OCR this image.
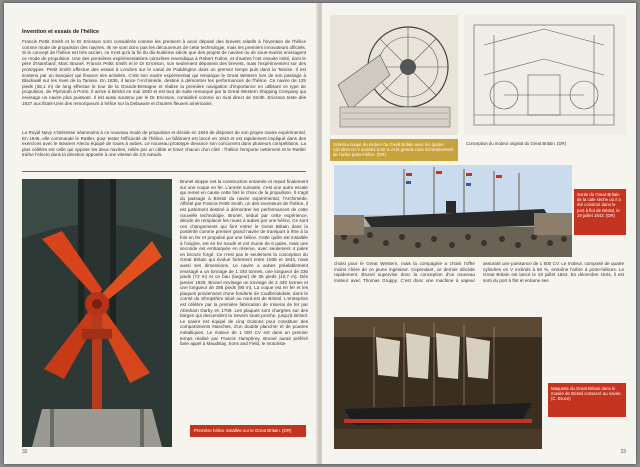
Invention et essais de l'hélice
Francis Pettit Smith et le Dr Ericsson sont considérés comme les premiers à avoir déposé des brevets relatifs à l'invention de l'hélice comme mode de propulsion des navires. Ils ne sont donc pas les découvreurs de cette technologie, mais les premiers innovateurs officiels. Si le concept de l'hélice est très ancien, ce n'est qu'à la fin du dix-huitième siècle que des projets de navires ou de sous-marins envisagent ce mode de propulsion. Une des premières expérimentations concrètes revendiqua à Robert Fulton, et d'autres l'ont ensuite imité, dont le père d'Isambard, Marc Brunel. Francis Pettit Smith et le Dr Ericsson, non seulement déposent des brevets, mais l'expérimentent sur des prototypes. Pettit Smith effectue des essais à Londres sur le canal de Paddington dans un premier temps puis dans la Tamise. Il est soutenu par un banquier qui finance ses activités. C'est son navire expérimental qui remarque le Great Western lors de son passage à Blackwall sur les rives de la Tamise. En 1836, il lance l'Archimède, destiné à démontrer les performances de l'hélice. Ce navire de 125 pieds (38,1 m) de long effectue le tour de la Grande-Bretagne et réalise la première navigation d'importance en utilisant ce type de propulsion, de Plymouth à Porto. Il arrive à Bristol en mai 1840 et est tout de suite remarqué par la Great Western Shipping Company qui envisage un navire plus puissant. Il est aussi soutenu par le Dr Ericsson, considéré comme un rival direct de Smith. Ericsson teste dès 1837 aux États-Unis des remorqueurs à hélice sur la Delaware et d'autres fleuves américains.
La Royal Navy s'intéresse néanmoins à ce nouveau mode de propulsion et décide en 1840 de disposer de son propre navire expérimental. En 1845, elle commande le Rattler, pour tester l'efficacité de l'hélice. Le bâtiment est lancé en 1843 et est rapidement impliqué dans des exercices avec le steamer Alecto équipé de roues à aubes. Le nouveau prototype devance son concurrent dans plusieurs compétitions. La plus célèbre est celle qui oppose les deux navires, reliés par un câble et tirant chacun d'un côté : l'hélice l'emporte nettement et le Rattler traîne l'Alecto dans la direction opposée à une vitesse de 2,5 nœuds.
Brunel stoppe net la construction entamée et repart finalement sur une coque en fer. L'année suivante, c'est une autre escale qui remet en cause cette fois le choix de la propulsion. Il s'agit du passage à Bristol du navire expérimental, l'Archimède. Affrété par Francis Pettit Smith, un des inventeurs de l'hélice, il est justement destiné à démontrer les performances de cette nouvelle technologie. Brunel, séduit par cette expérience, décide de remplacer les roues à aubes par une hélice. Ce sont ces changements qui font entrer le Great Britain dans la postérité comme premier grand navire de transport à être à la fois en fer et propulsé par une hélice. Cette quille est installée à l'origine, est en fer soudé et est munie de 6 pales, mais une seconde est embarquée en réserve, avec seulement 4 pales en bronze forgé. Ce n'est pas le seulement la conception du Great Britain qui évolue fortement entre 1838 et 1843, mais aussi ses dimensions. Le navire a aubes préalablement envisagé a un tonnage de 1 340 tonnes, une longueur de 236 pieds (72 m) et un bau (largeur) de 35 pieds (10,7 m). Dès janvier 1839, Brunel envisage un tonnage de 2 430 tonnes et une longueur de 295 pieds (90 m). La coque est en fer et les plaques proviennent d'une fonderie de Coalbrookdale, dans le comté du Shropshire situé au nord-est de Bristol. L'entreprise est célèbre par la première fabrication de minerai de fer par Abraham Darby en 1709. Les plaques sont chargées sur des barges qui descendent la Severn toute proche, jusqu'à Bristol. Le navire est équipé de cinq cloisons pour constituer des compartiments étanches, d'un double plancher et de poutres métalliques. Le moteur de 1 000 CV est dans un premier temps réalisé par Francis Humphrey. Brunel aurait préféré faire appel à Maudslay, Sons and Field, le motoriste
Première hélice installée sur le Great Britain. (DR)
32
Schéma coupe du moteur du Great Britain avec les quatre cylindres en V inclinés à 60 % et le grande roue d'entraînement de l'arbre porte-hélice. (DR)
Conception du moteur original du Great Britain. (DR)
Sortie du Great Britain de la cale sèche où il a été construit dans le port à flot de Bristol, le 19 juillet 1843. (DR)
choisi pour le Great Western, mais la compagnie a choisi l'offre moins chère de ce jeune ingénieur. Cependant, ce dernier décède rapidement. Brunel supervise donc la conception d'un nouveau moteur avec Thomas Gruppy. C'est donc une machine à vapeur assurant une puissance de 1 600 CV. Le moteur, composé de quatre cylindres en V inclinés à 60 %, entraîne l'arbre à porte-hélices. Le Great Britain est lancé le 19 juillet 1843. En décembre 1844, il est sorti du port à flot et entame ses
Maquette du Great Britain dans le musée de Bristol consacré au navire. (C. Bruce)
33
